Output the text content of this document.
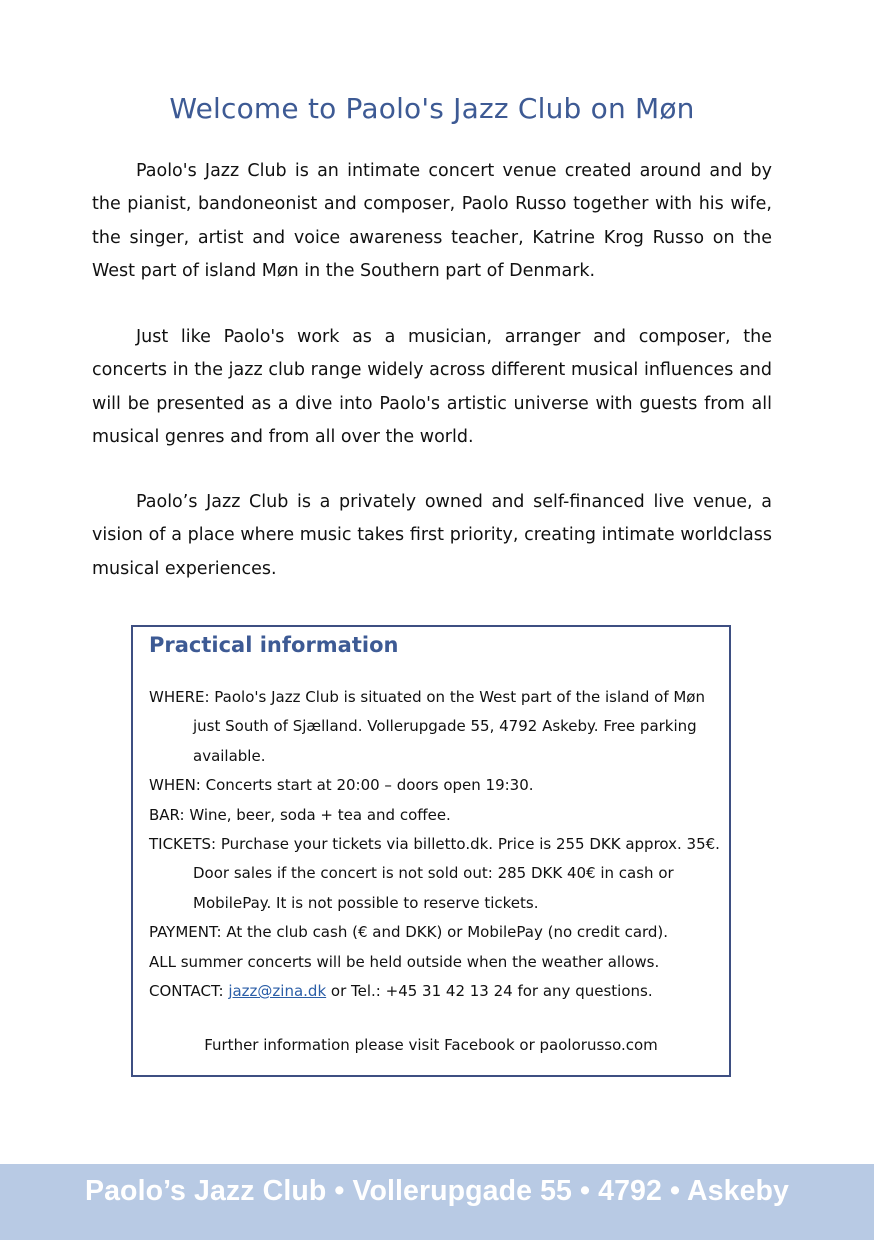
Welcome to Paolo's Jazz Club on Møn

Paolo's Jazz Club is an intimate concert venue created around and by the pianist, bandoneonist and composer, Paolo Russo together with his wife, the singer, artist and voice awareness teacher, Katrine Krog Russo on the West part of island Møn in the Southern part of Denmark.

Just like Paolo's work as a musician, arranger and composer, the concerts in the jazz club range widely across different musical influences and will be presented as a dive into Paolo's artistic universe with guests from all musical genres and from all over the world.

Paolo’s Jazz Club is a privately owned and self-financed live venue, a vision of a place where music takes first priority, creating intimate worldclass musical experiences.

Practical information
WHERE: Paolo's Jazz Club is situated on the West part of the island of Møn just South of Sjælland. Vollerupgade 55, 4792 Askeby. Free parking available.
WHEN: Concerts start at 20:00 – doors open 19:30.
BAR: Wine, beer, soda + tea and coffee.
TICKETS: Purchase your tickets via billetto.dk. Price is 255 DKK approx. 35€. Door sales if the concert is not sold out: 285 DKK 40€ in cash or MobilePay. It is not possible to reserve tickets.
PAYMENT: At the club cash (€ and DKK) or MobilePay (no credit card).
ALL summer concerts will be held outside when the weather allows.
CONTACT: jazz@zina.dk or Tel.: +45 31 42 13 24 for any questions.

Further information please visit Facebook or paolorusso.com

Paolo’s Jazz Club • Vollerupgade 55 • 4792 • Askeby
